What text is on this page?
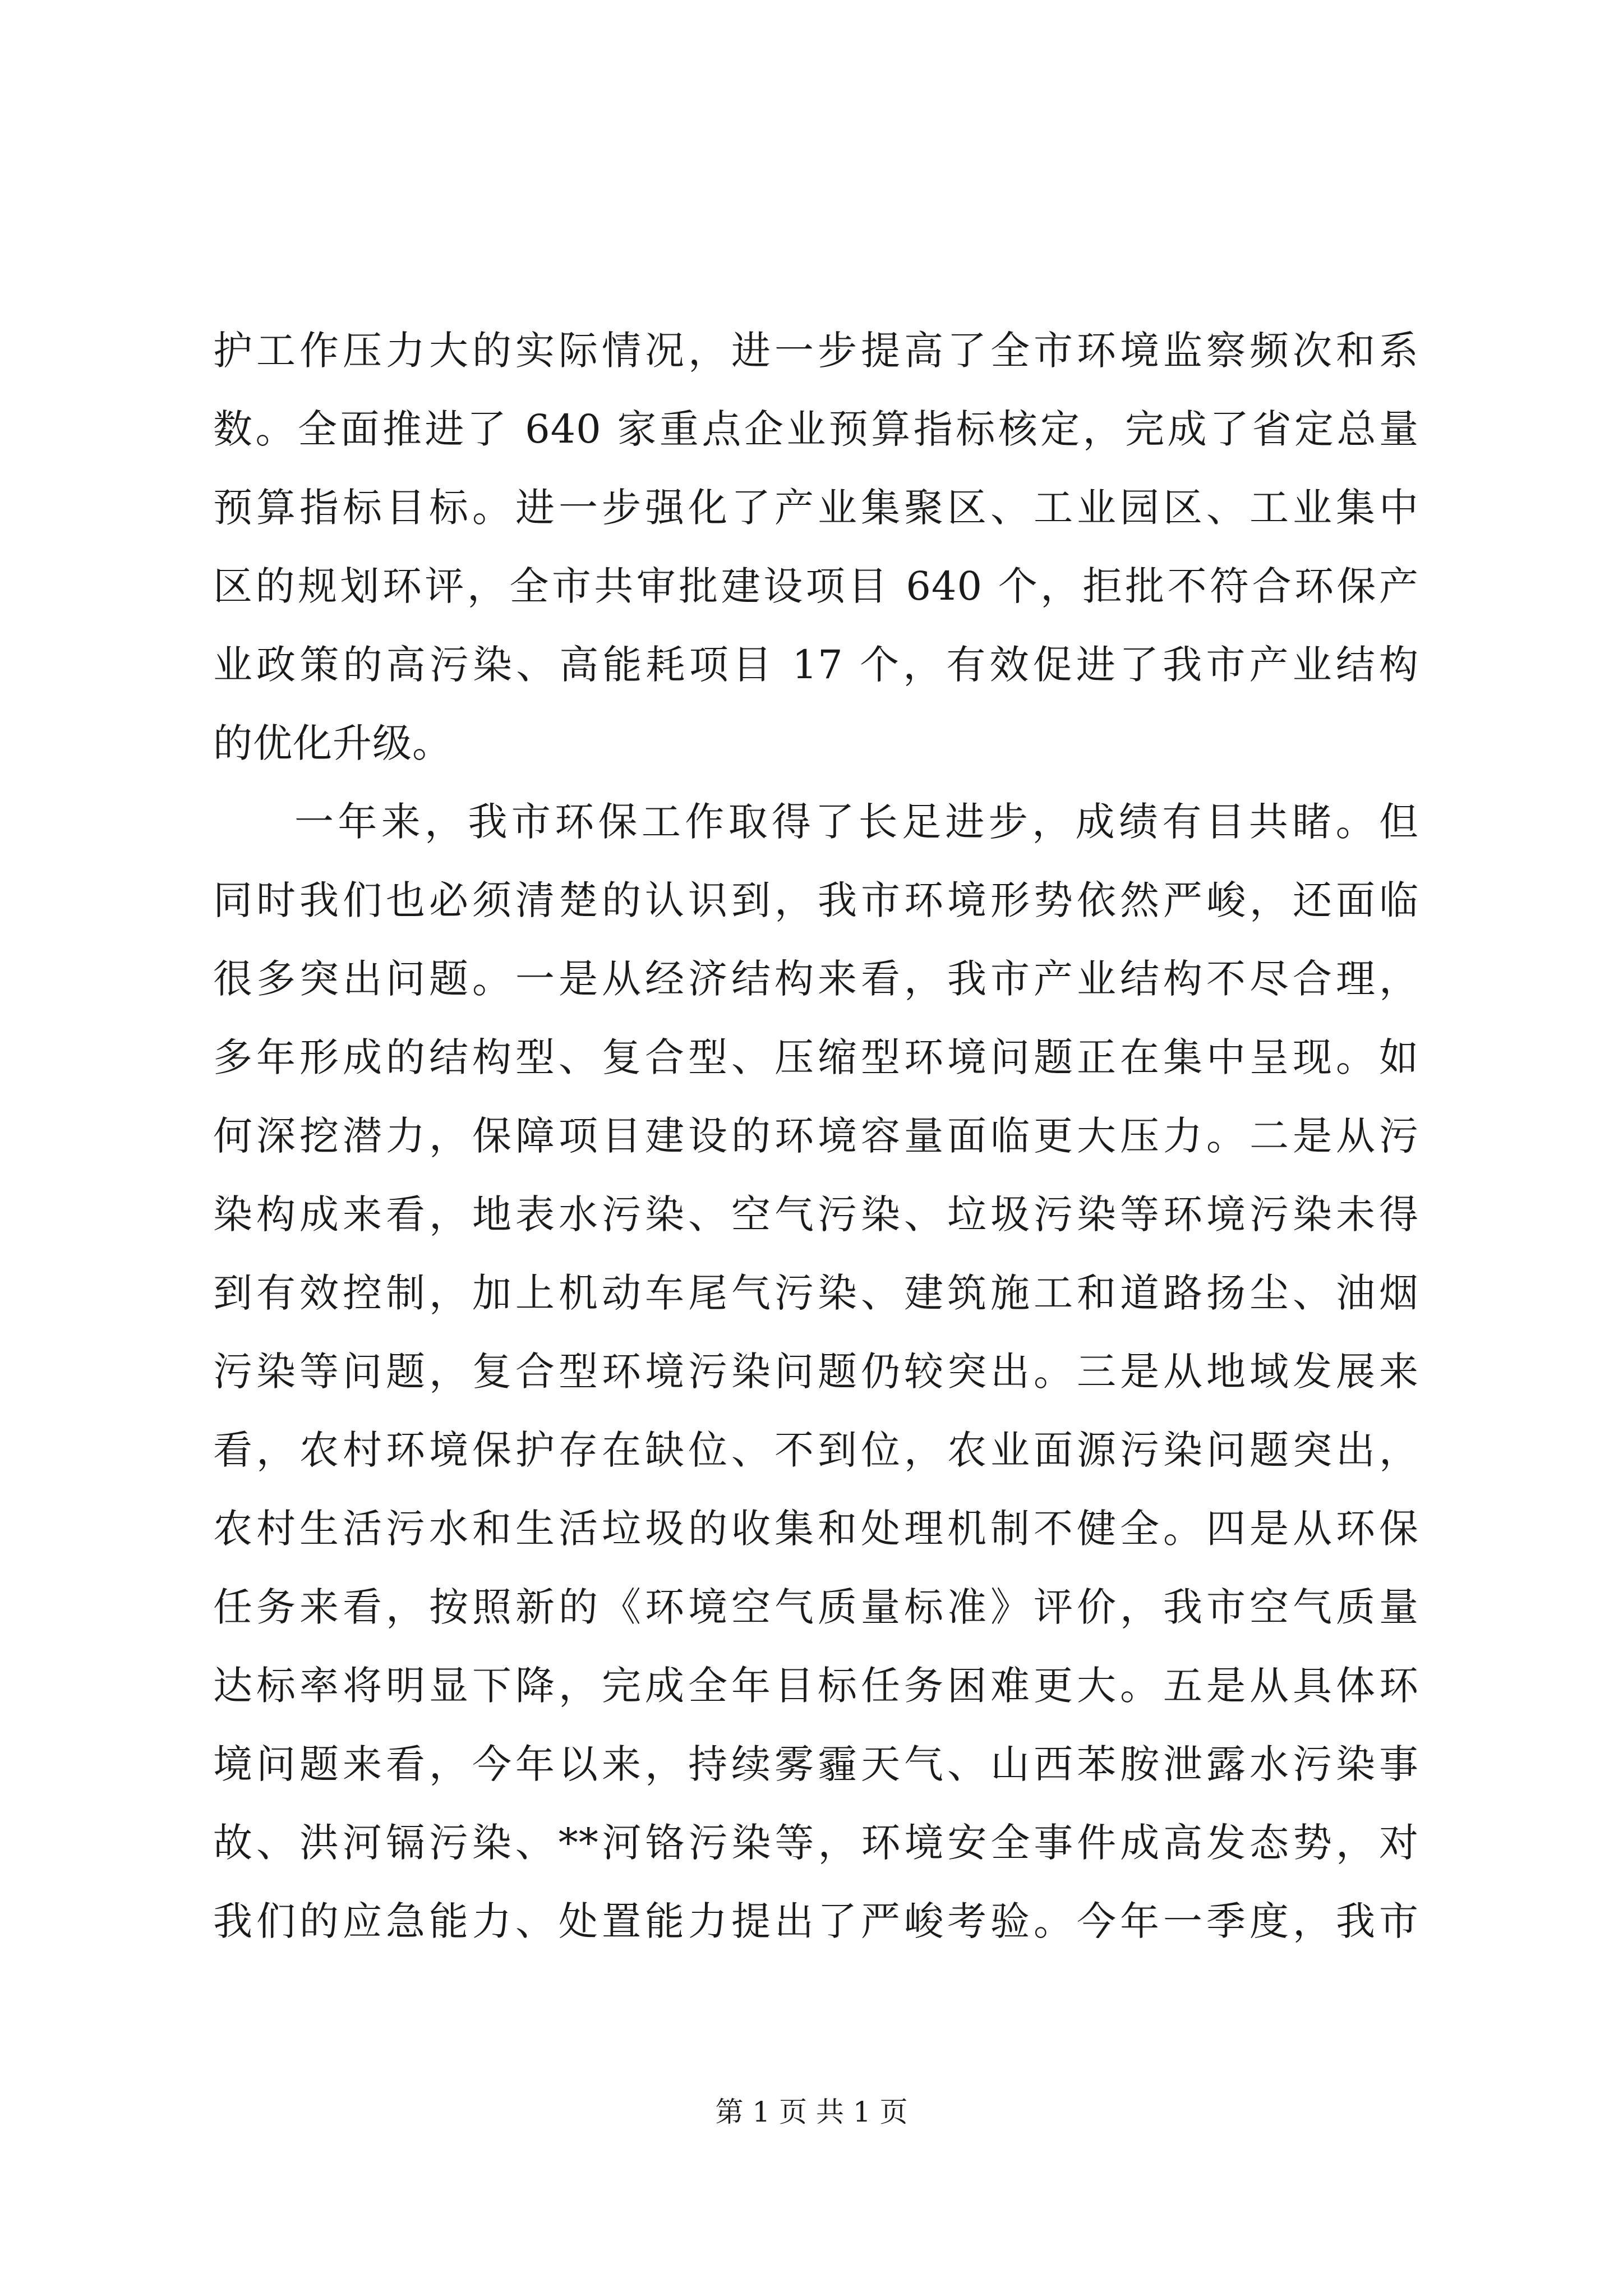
护工作压力大的实际情况，进一步提高了全市环境监察频次和系
数。全面推进了 640 家重点企业预算指标核定，完成了省定总量
预算指标目标。进一步强化了产业集聚区、工业园区、工业集中
区的规划环评，全市共审批建设项目 640 个，拒批不符合环保产
业政策的高污染、高能耗项目 17 个，有效促进了我市产业结构
的优化升级。
一年来，我市环保工作取得了长足进步，成绩有目共睹。但
同时我们也必须清楚的认识到，我市环境形势依然严峻，还面临
很多突出问题。一是从经济结构来看，我市产业结构不尽合理，
多年形成的结构型、复合型、压缩型环境问题正在集中呈现。如
何深挖潜力，保障项目建设的环境容量面临更大压力。二是从污
染构成来看，地表水污染、空气污染、垃圾污染等环境污染未得
到有效控制，加上机动车尾气污染、建筑施工和道路扬尘、油烟
污染等问题，复合型环境污染问题仍较突出。三是从地域发展来
看，农村环境保护存在缺位、不到位，农业面源污染问题突出，
农村生活污水和生活垃圾的收集和处理机制不健全。四是从环保
任务来看，按照新的《环境空气质量标准》评价，我市空气质量
达标率将明显下降，完成全年目标任务困难更大。五是从具体环
境问题来看，今年以来，持续雾霾天气、山西苯胺泄露水污染事
故、洪河镉污染、**河铬污染等，环境安全事件成高发态势，对
我们的应急能力、处置能力提出了严峻考验。今年一季度，我市
第 1 页 共 1 页
